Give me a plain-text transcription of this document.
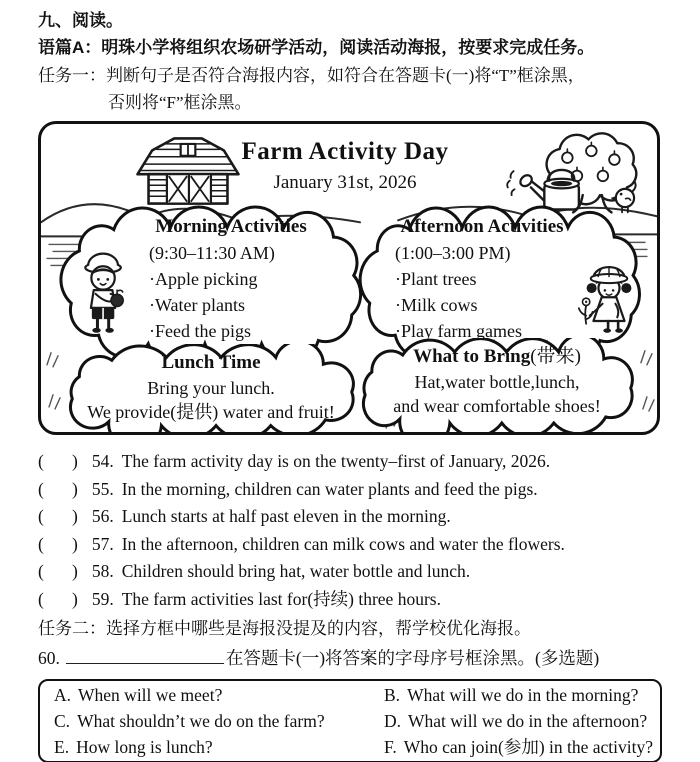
九、阅读。
语篇A：明珠小学将组织农场研学活动，阅读活动海报，按要求完成任务。
任务一：判断句子是否符合海报内容，如符合在答题卡(一)将“T”框涂黑，
否则将“F”框涂黑。
Farm Activity Day
January 31st, 2026
Morning Activities
(9:30–11:30 AM)
·Apple picking
·Water plants
·Feed the pigs
Afternoon Activities
(1:00–3:00 PM)
·Plant trees
·Milk cows
·Play farm games
Lunch Time
Bring your lunch.
We provide(提供) water and fruit!
What to Bring(带来)
Hat,water bottle,lunch,
and wear comfortable shoes!
( ) 54. The farm activity day is on the twenty–first of January, 2026.
( ) 55. In the morning, children can water plants and feed the pigs.
( ) 56. Lunch starts at half past eleven in the morning.
( ) 57. In the afternoon, children can milk cows and water the flowers.
( ) 58. Children should bring hat, water bottle and lunch.
( ) 59. The farm activities last for(持续) three hours.
任务二：选择方框中哪些是海报没提及的内容，帮学校优化海报。
60.	在答题卡(一)将答案的字母序号框涂黑。(多选题)
A. When will we meet?	B. What will we do in the morning?
C. What shouldn’t we do on the farm?	D. What will we do in the afternoon?
E. How long is lunch?	F. Who can join(参加) in the activity?
